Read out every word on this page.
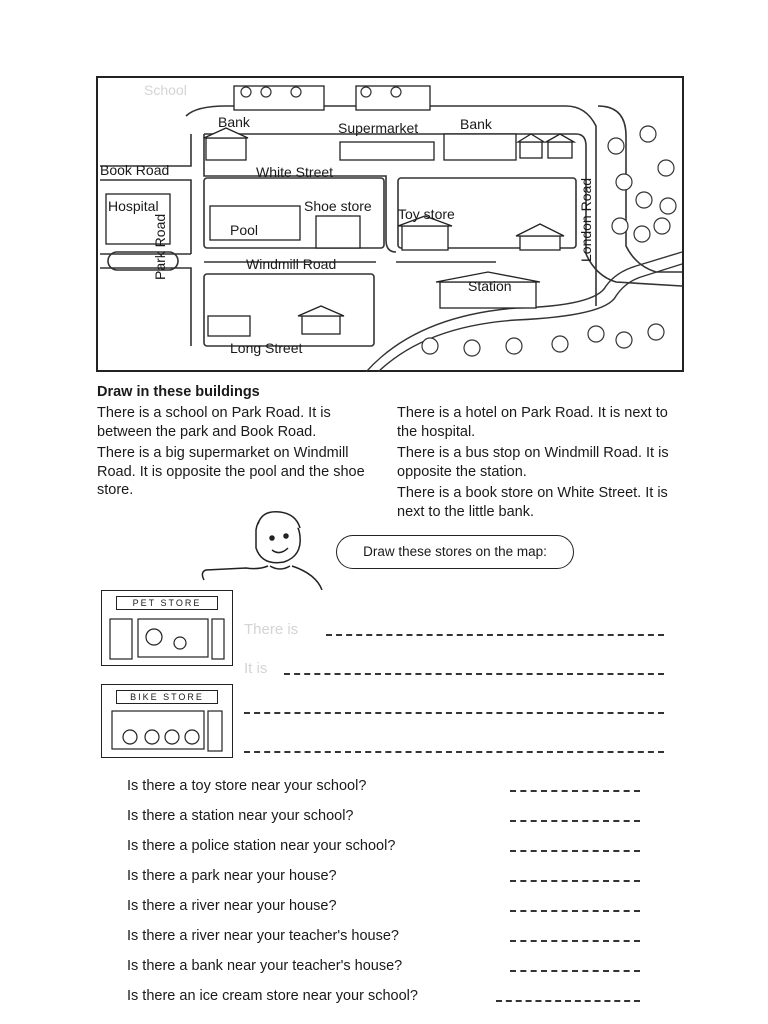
School
Bank	Supermarket	Bank
Book Road	White Street
Hospital	Shoe store Toy store
Pool
Windmill Road
Park Road	London Road
Station
Long Street
Draw in these buildings

There is a school on Park Road. It is between the park and Book Road.

There is a big supermarket on Windmill Road. It is opposite the pool and the shoe store.

There is a hotel on Park Road. It is next to the hospital.

There is a bus stop on Windmill Road. It is opposite the station.

There is a book store on White Street. It is next to the little bank.

Draw these stores on the map:
PET STORE
BIKE STORE
There is
It is
Is there a toy store near your school?
Is there a station near your school?
Is there a police station near your school?
Is there a park near your house?
Is there a river near your house?
Is there a river near your teacher's house?
Is there a bank near your teacher's house?
Is there an ice cream store near your school?
